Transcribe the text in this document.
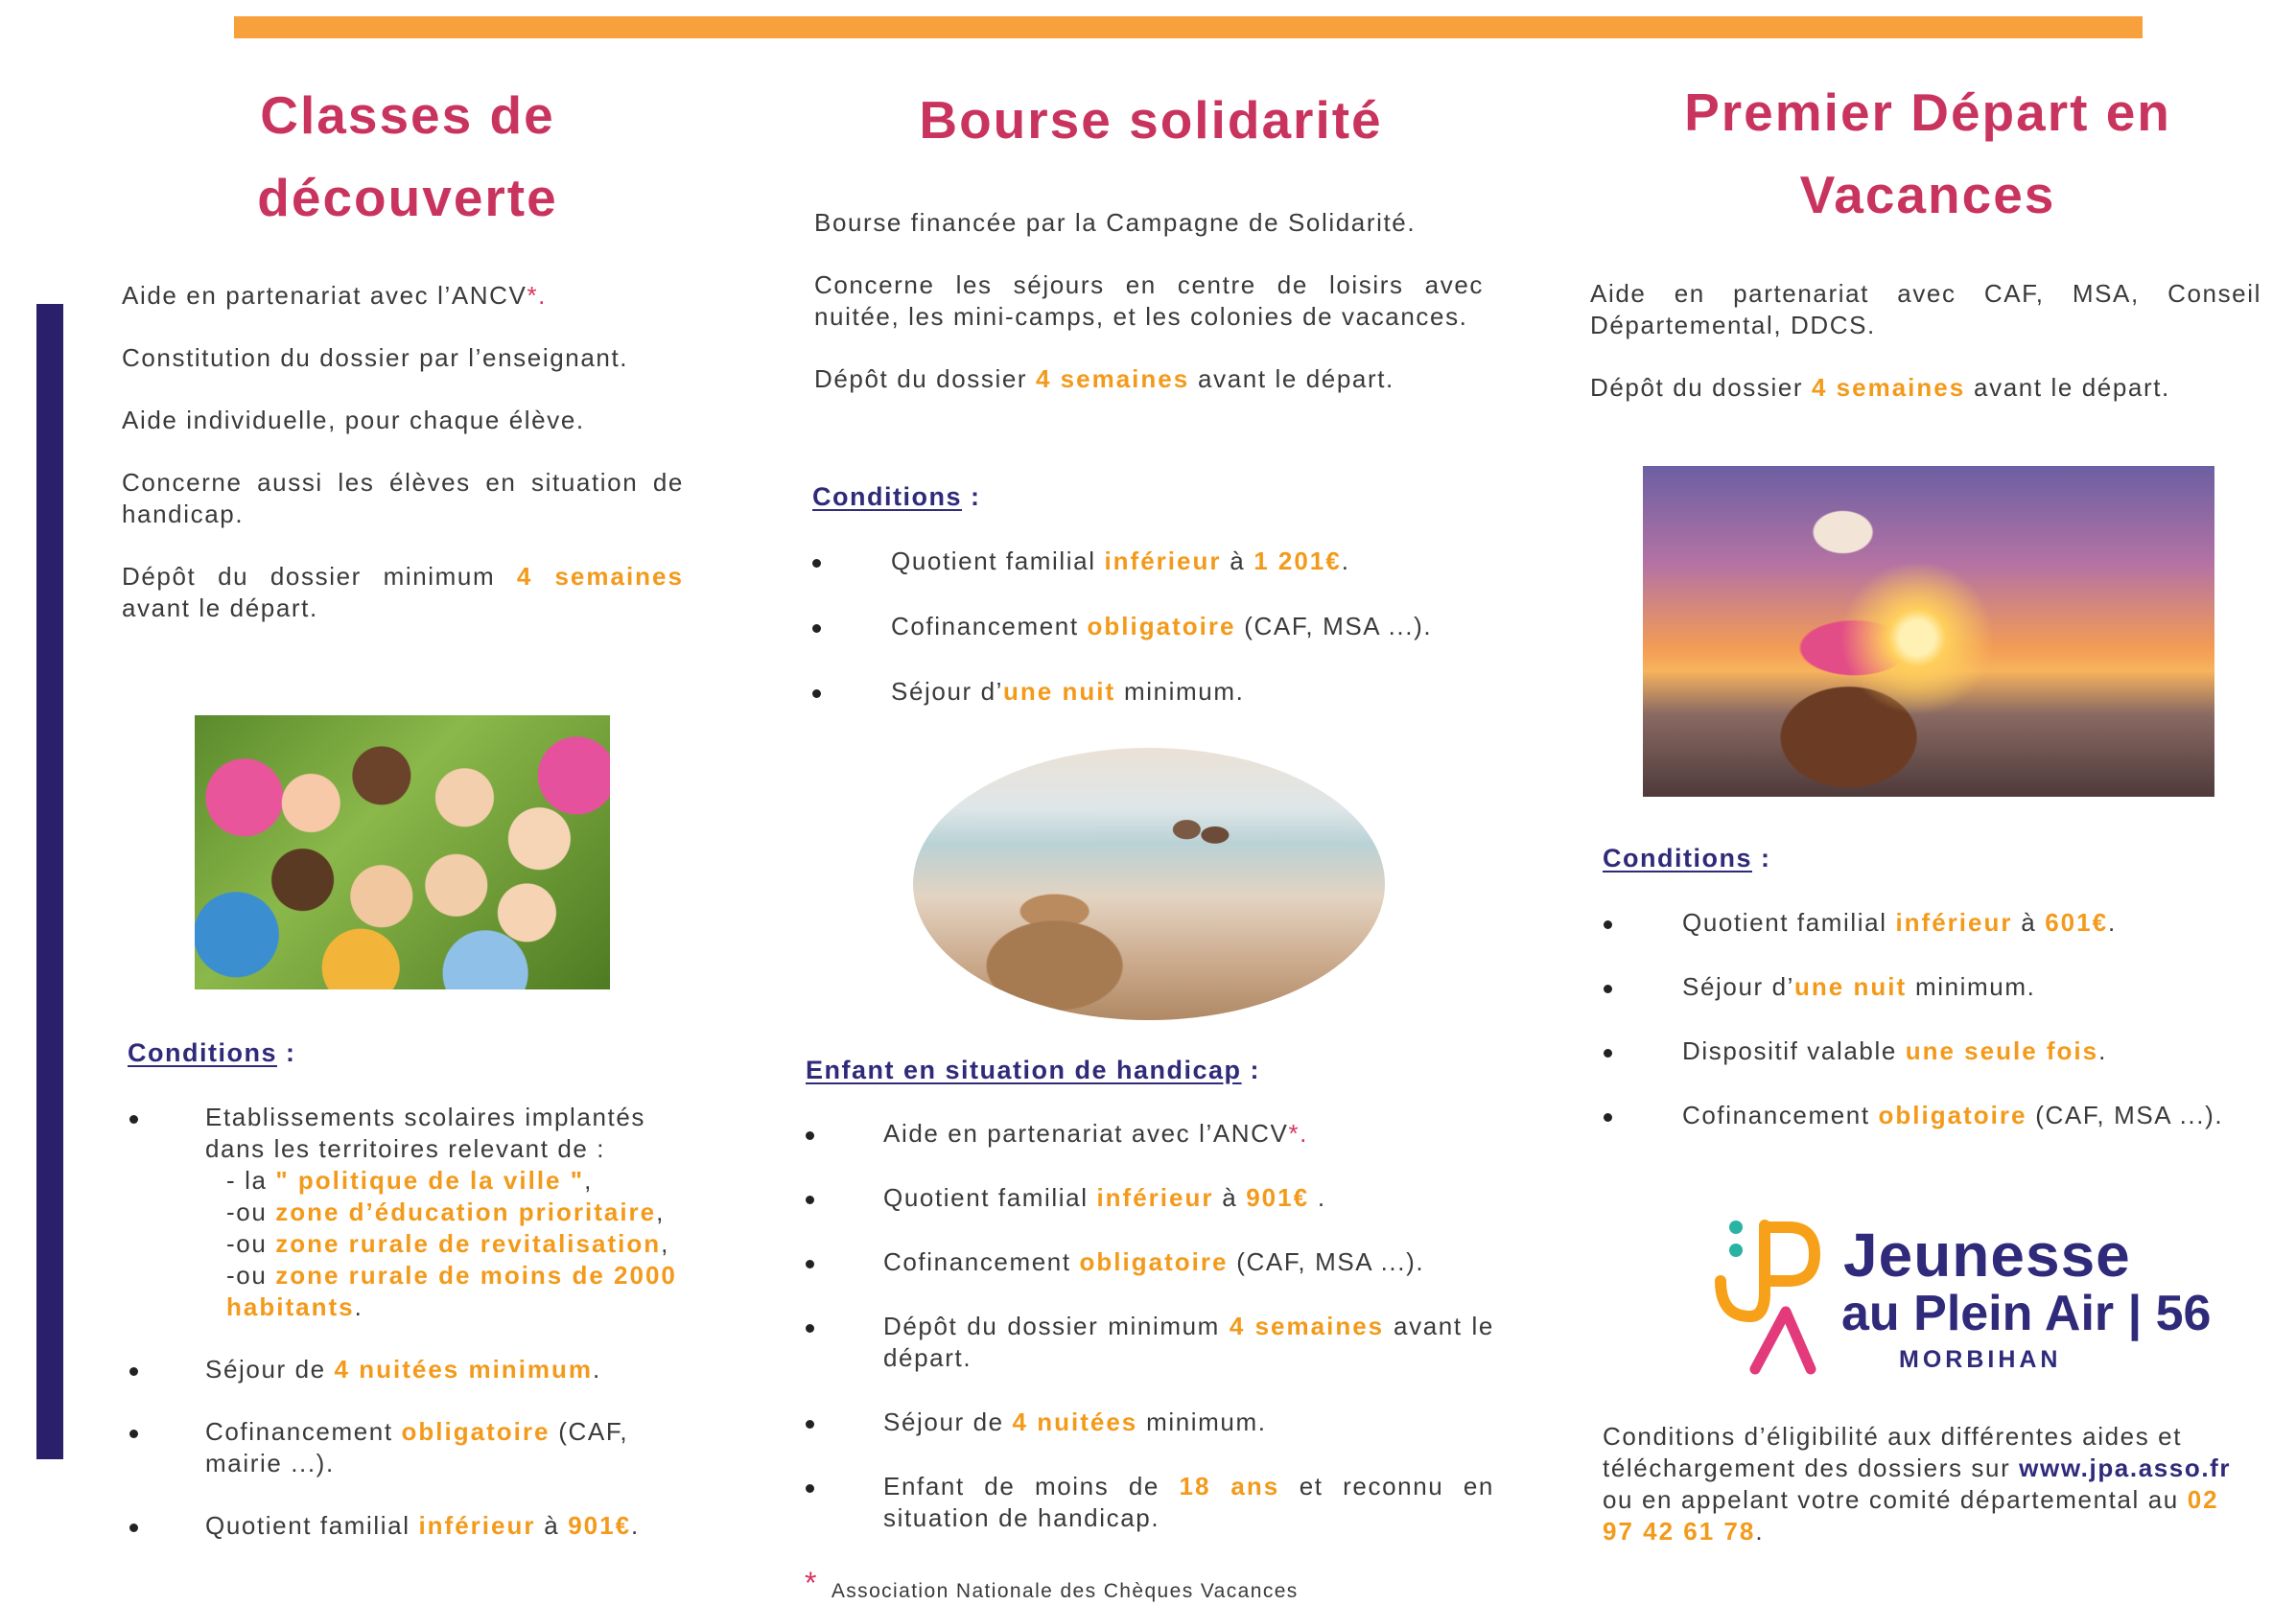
Classes de
découverte

Aide en partenariat avec l’ANCV*.

Constitution du dossier par l’enseignant.

Aide individuelle, pour chaque élève.

Concerne aussi les élèves en situation de handicap.

Dépôt du dossier minimum 4 semaines avant le départ.

Conditions :
Etablissements scolaires implantés dans les territoires relevant de :
- la " politique de la ville ",
-ou zone d’éducation prioritaire,
-ou zone rurale de revitalisation,
-ou zone rurale de moins de 2000 habitants.
Séjour de 4 nuitées minimum.
Cofinancement obligatoire (CAF, mairie ...).
Quotient familial inférieur à 901€.
Bourse solidarité

Bourse financée par la Campagne de Solidarité.

Concerne les séjours en centre de loisirs avec nuitée, les mini-camps, et les colonies de vacances.

Dépôt du dossier 4 semaines avant le départ.

Conditions :
Quotient familial inférieur à 1 201€.
Cofinancement obligatoire (CAF, MSA ...).
Séjour d’une nuit minimum.
Enfant en situation de handicap :
Aide en partenariat avec l’ANCV*.
Quotient familial inférieur à 901€ .
Cofinancement obligatoire (CAF, MSA ...).
Dépôt du dossier minimum 4 semaines avant le départ.
Séjour de 4 nuitées minimum.
Enfant de moins de 18 ans et reconnu en situation de handicap.
* Association Nationale des Chèques Vacances
Premier Départ en
Vacances

Aide en partenariat avec CAF, MSA, Conseil Départemental, DDCS.

Dépôt du dossier 4 semaines avant le départ.

Conditions :
Quotient familial inférieur à 601€.
Séjour d’une nuit minimum.
Dispositif valable une seule fois.
Cofinancement obligatoire (CAF, MSA ...).
Jeunesse
au Plein Air | 56
MORBIHAN
Conditions d’éligibilité aux différentes aides et téléchargement des dossiers sur www.jpa.asso.fr ou en appelant votre comité départemental au 02 97 42 61 78.
